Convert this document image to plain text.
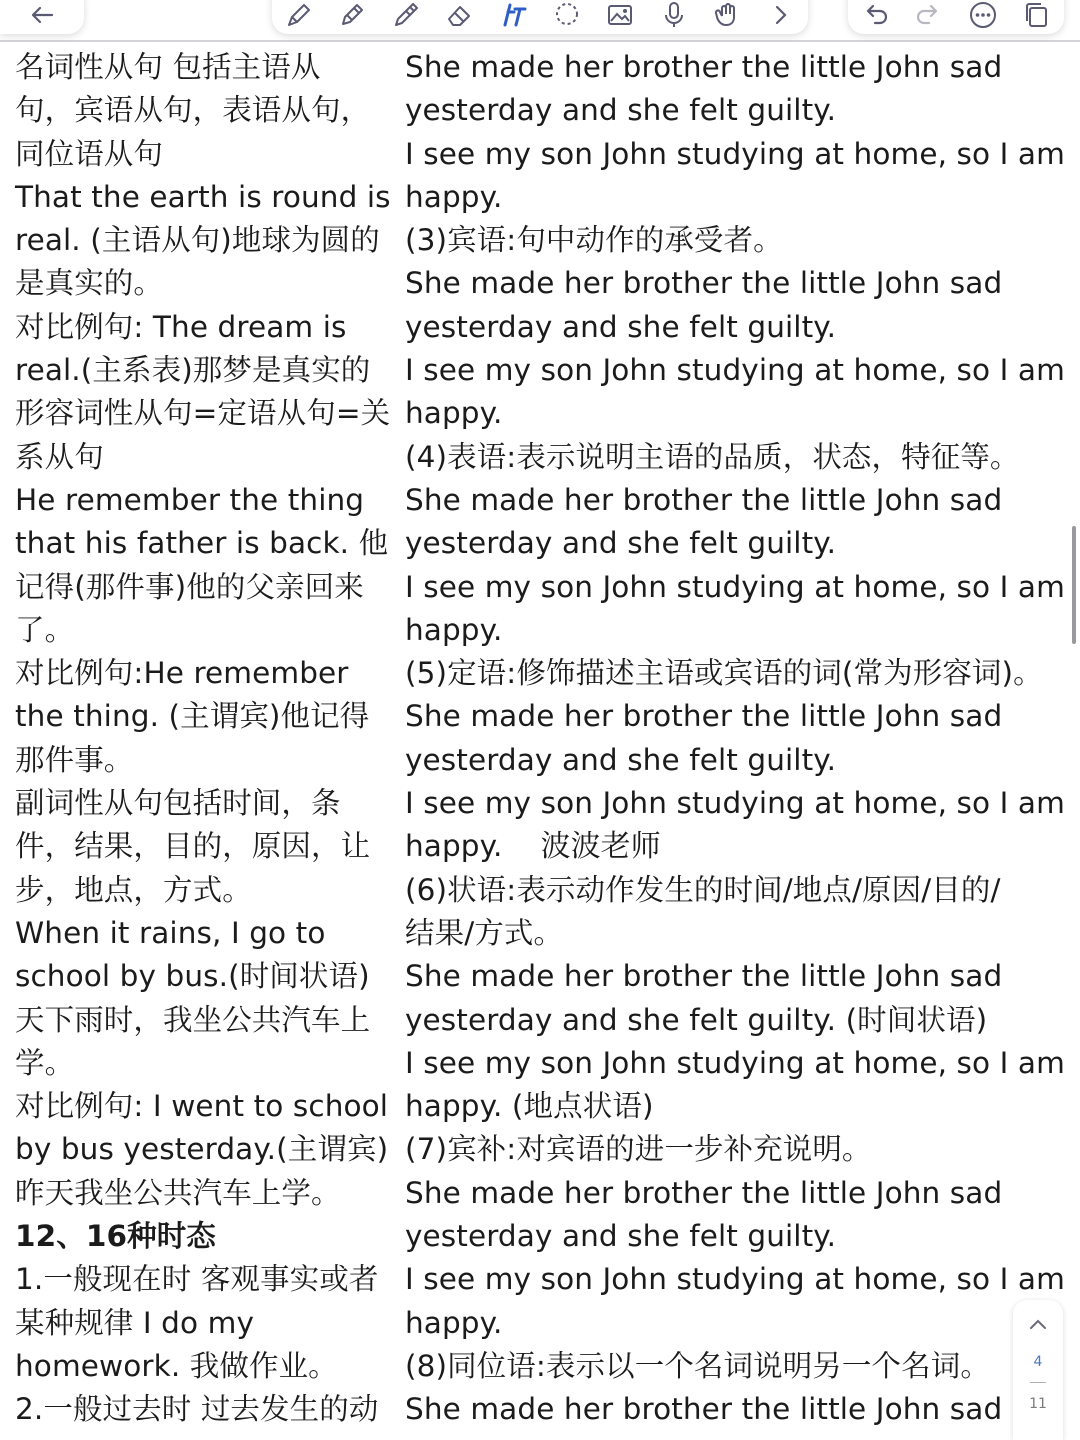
名词性从句 包括主语从
句，宾语从句，表语从句，
同位语从句
That the earth is round is
real. (主语从句)地球为圆的
是真实的。
对比例句: The dream is
real.(主系表)那梦是真实的
形容词性从句=定语从句=关
系从句
He remember the thing
that his father is back. 他
记得(那件事)他的父亲回来
了。
对比例句:He remember
the thing. (主谓宾)他记得
那件事。
副词性从句包括时间，条
件，结果，目的，原因，让
步，地点，方式。
When it rains, I go to
school by bus.(时间状语)
天下雨时，我坐公共汽车上
学。
对比例句: I went to school
by bus yesterday.(主谓宾)
昨天我坐公共汽车上学。
12、16种时态
1.一般现在时 客观事实或者
某种规律 I do my
homework. 我做作业。
2.一般过去时 过去发生的动
She made her brother the little John sad
yesterday and she felt guilty.
I see my son John studying at home, so I am
happy.
(3)宾语:句中动作的承受者。
She made her brother the little John sad
yesterday and she felt guilty.
I see my son John studying at home, so I am
happy.
(4)表语:表示说明主语的品质，状态，特征等。
She made her brother the little John sad
yesterday and she felt guilty.
I see my son John studying at home, so I am
happy.
(5)定语:修饰描述主语或宾语的词(常为形容词)。
She made her brother the little John sad
yesterday and she felt guilty.
I see my son John studying at home, so I am
happy. 波波老师
(6)状语:表示动作发生的时间/地点/原因/目的/
结果/方式。
She made her brother the little John sad
yesterday and she felt guilty. (时间状语)
I see my son John studying at home, so I am
happy. (地点状语)
(7)宾补:对宾语的进一步补充说明。
She made her brother the little John sad
yesterday and she felt guilty.
I see my son John studying at home, so I am
happy.
(8)同位语:表示以一个名词说明另一个名词。
She made her brother the little John sad
4
11
